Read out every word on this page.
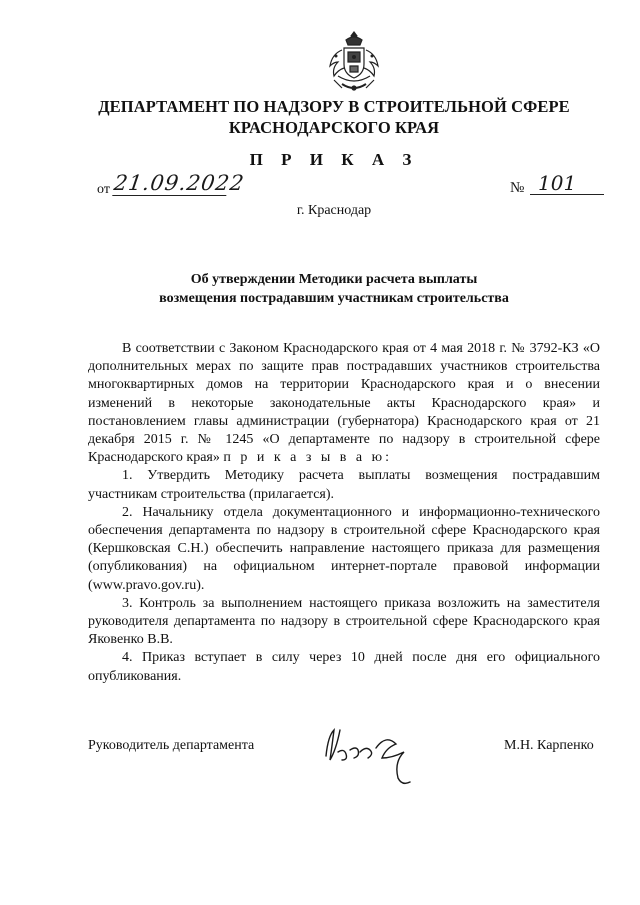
ДЕПАРТАМЕНТ ПО НАДЗОРУ В СТРОИТЕЛЬНОЙ СФЕРЕ
КРАСНОДАРСКОГО КРАЯ
П Р И К А З
от 21.09.2022	№ 101
г. Краснодар
Об утверждении Методики расчета выплаты
возмещения пострадавшим участникам строительства

В соответствии с Законом Краснодарского края от 4 мая 2018 г. № 3792-КЗ «О дополнительных мерах по защите прав пострадавших участников строительства многоквартирных домов на территории Краснодарского края и о внесении изменений в некоторые законодательные акты Краснодарского края» и постановлением главы администрации (губернатора) Краснодарского края от 21 декабря 2015 г. № 1245 «О департаменте по надзору в строительной сфере Краснодарского края» п р и к а з ы в а ю:

1. Утвердить Методику расчета выплаты возмещения пострадавшим участникам строительства (прилагается).

2. Начальнику отдела документационного и информационно-технического обеспечения департамента по надзору в строительной сфере Краснодарского края (Кершковская С.Н.) обеспечить направление настоящего приказа для размещения (опубликования) на официальном интернет-портале правовой информации (www.pravo.gov.ru).

3. Контроль за выполнением настоящего приказа возложить на заместителя руководителя департамента по надзору в строительной сфере Краснодарского края Яковенко В.В.

4. Приказ вступает в силу через 10 дней после дня его официального опубликования.

Руководитель департамента	М.Н. Карпенко
